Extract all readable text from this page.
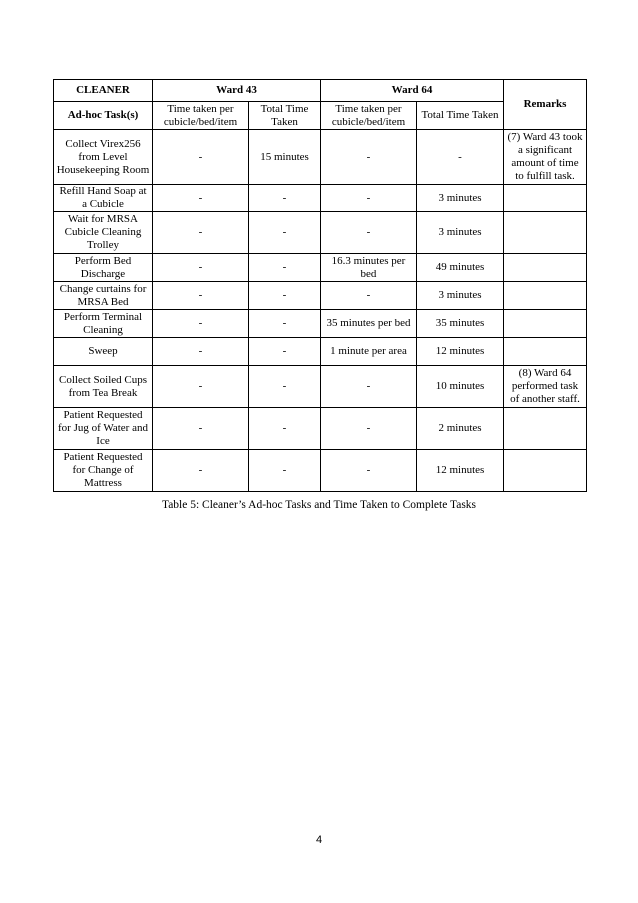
CLEANER	Ward 43		Ward 64		Remarks
Ad-hoc Task(s)	Time taken per cubicle/bed/item	Total Time Taken	Time taken per cubicle/bed/item	Total Time Taken	
Collect Virex256 from Level Housekeeping Room	-	15 minutes	-	-	(7) Ward 43 took a significant amount of time to fulfill task.
Refill Hand Soap at a Cubicle	-	-	-	3 minutes	
Wait for MRSA Cubicle Cleaning Trolley	-	-	-	3 minutes	
Perform Bed Discharge	-	-	16.3 minutes per bed	49 minutes	
Change curtains for MRSA Bed	-	-	-	3 minutes	
Perform Terminal Cleaning	-	-	35 minutes per bed	35 minutes	
Sweep	-	-	1 minute per area	12 minutes	
Collect Soiled Cups from Tea Break	-	-	-	10 minutes	(8) Ward 64 performed task of another staff.
Patient Requested for Jug of Water and Ice	-	-	-	2 minutes	
Patient Requested for Change of Mattress	-	-	-	12 minutes	
Table 5: Cleaner’s Ad-hoc Tasks and Time Taken to Complete Tasks
4
